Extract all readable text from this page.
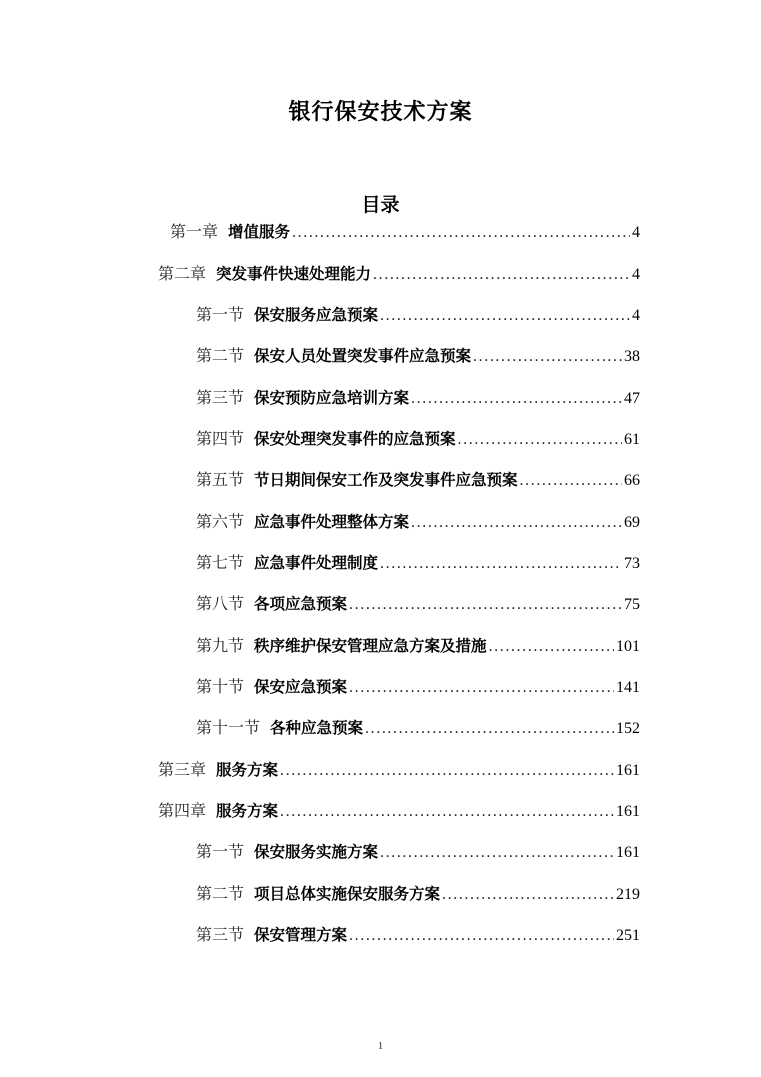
银行保安技术方案
目录
第一章 增值服务 .....	4
第二章 突发事件快速处理能力 .....	4
第一节 保安服务应急预案 .....	4
第二节 保安人员处置突发事件应急预案 .....	38
第三节 保安预防应急培训方案 .....	47
第四节 保安处理突发事件的应急预案 .....	61
第五节 节日期间保安工作及突发事件应急预案 .....	66
第六节 应急事件处理整体方案 .....	69
第七节 应急事件处理制度 .....	73
第八节 各项应急预案 .....	75
第九节 秩序维护保安管理应急方案及措施 .....	101
第十节 保安应急预案 .....	141
第十一节 各种应急预案 .....	152
第三章 服务方案 .....	161
第四章 服务方案 .....	161
第一节 保安服务实施方案 .....	161
第二节 项目总体实施保安服务方案 .....	219
第三节 保安管理方案 .....	251
1
